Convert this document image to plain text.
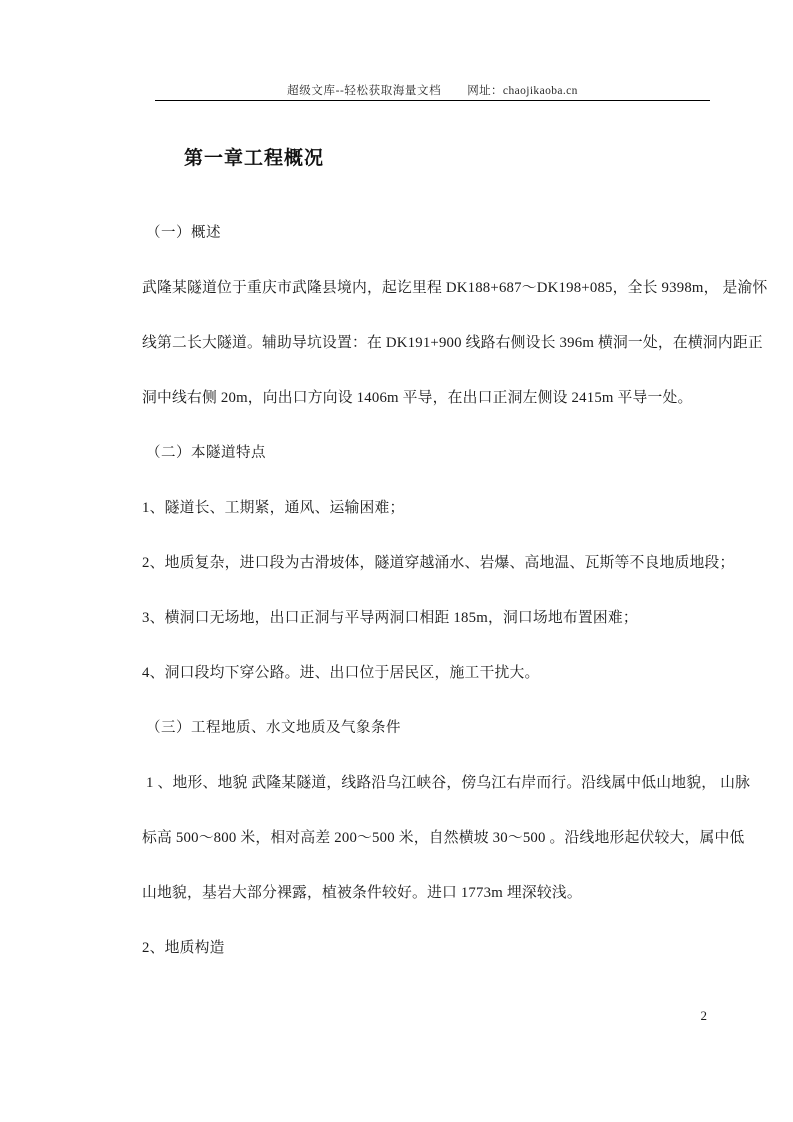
超级文库--轻松获取海量文档 网址：chaojikaoba.cn
第一章工程概况

（一）概述

武隆某隧道位于重庆市武隆县境内，起讫里程 DK188+687～DK198+085，全长 9398m， 是渝怀

线第二长大隧道。辅助导坑设置：在 DK191+900 线路右侧设长 396m 横洞一处，在横洞内距正

洞中线右侧 20m，向出口方向设 1406m 平导，在出口正洞左侧设 2415m 平导一处。

（二）本隧道特点

1、隧道长、工期紧，通风、运输困难；

2、地质复杂，进口段为古滑坡体，隧道穿越涌水、岩爆、高地温、瓦斯等不良地质地段；

3、横洞口无场地，出口正洞与平导两洞口相距 185m，洞口场地布置困难；

4、洞口段均下穿公路。进、出口位于居民区，施工干扰大。

（三）工程地质、水文地质及气象条件

1 、地形、地貌 武隆某隧道，线路沿乌江峡谷，傍乌江右岸而行。沿线属中低山地貌， 山脉

标高 500～800 米，相对高差 200～500 米，自然横坡 30～500 。沿线地形起伏较大，属中低

山地貌，基岩大部分裸露，植被条件较好。进口 1773m 埋深较浅。

2、地质构造

2
